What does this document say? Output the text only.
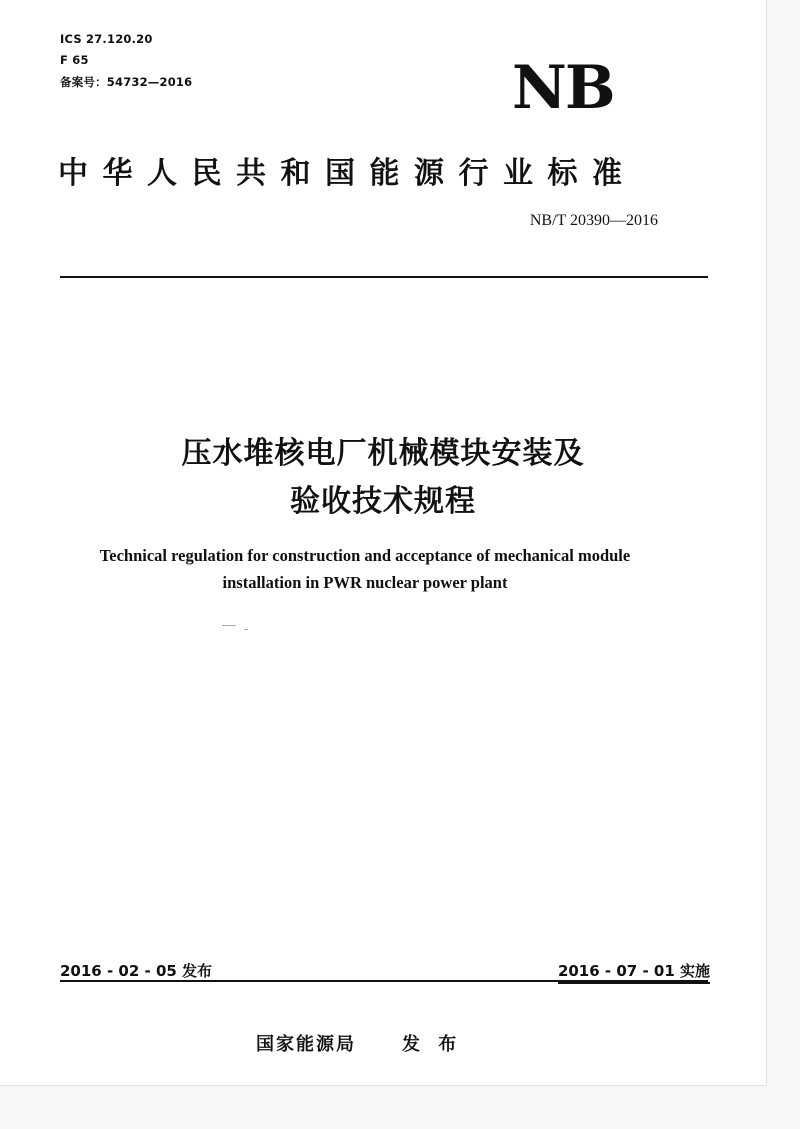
ICS 27.120.20
F 65
备案号：54732—2016	NB
中华人民共和国能源行业标准
NB/T 20390—2016
压水堆核电厂机械模块安装及
验收技术规程
Technical regulation for construction and acceptance of mechanical module
installation in PWR nuclear power plant
2016 - 02 - 05 发布	2016 - 07 - 01 实施
国家能源局	发 布
